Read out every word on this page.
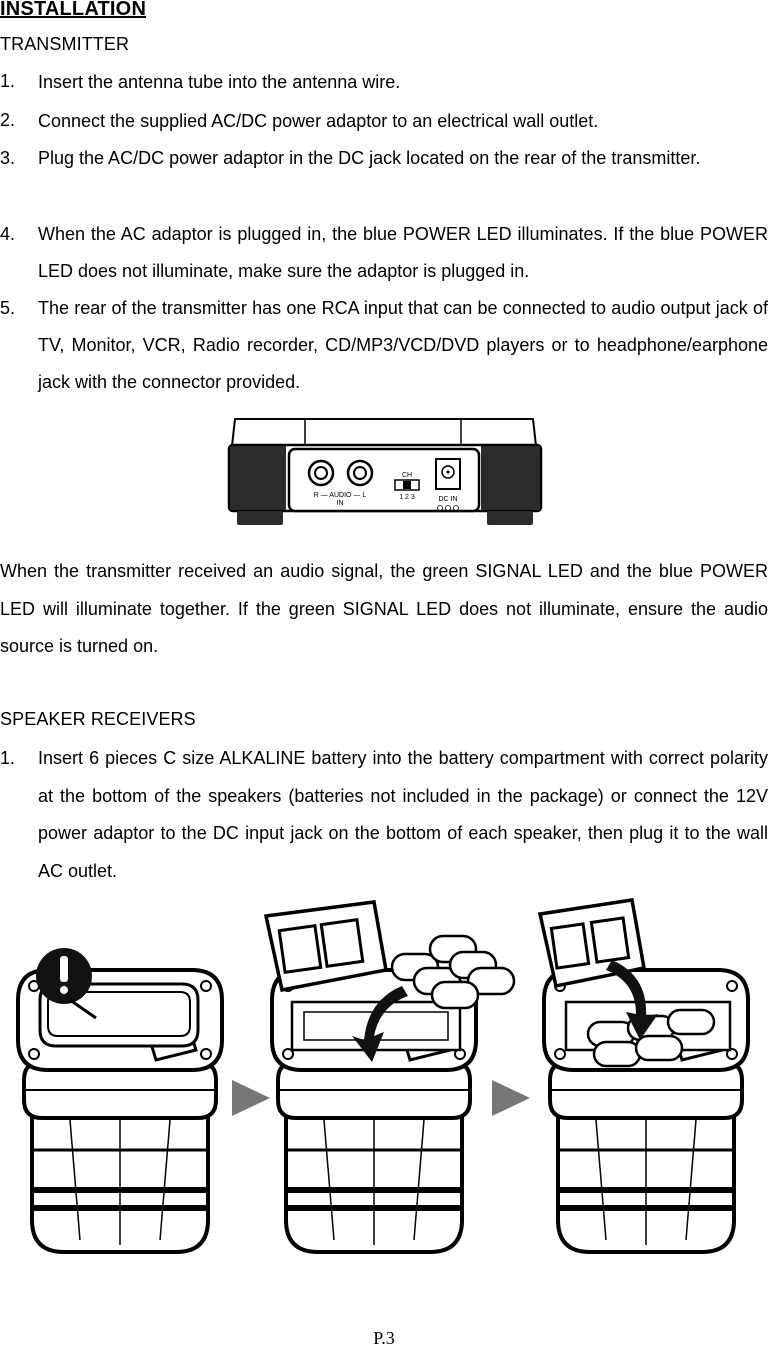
INSTALLATION
TRANSMITTER
1. Insert the antenna tube into the antenna wire.
2. Connect the supplied AC/DC power adaptor to an electrical wall outlet.
3. Plug the AC/DC power adaptor in the DC jack located on the rear of the transmitter.
4. When the AC adaptor is plugged in, the blue POWER LED illuminates. If the blue POWER LED does not illuminate, make sure the adaptor is plugged in.
5. The rear of the transmitter has one RCA input that can be connected to audio output jack of TV, Monitor, VCR, Radio recorder, CD/MP3/VCD/DVD players or to headphone/earphone jack with the connector provided.
R — AUDIO — L
IN
CH
1 2 3	DC IN
When the transmitter received an audio signal, the green SIGNAL LED and the blue POWER LED will illuminate together. If the green SIGNAL LED does not illuminate, ensure the audio source is turned on.
SPEAKER RECEIVERS
1. Insert 6 pieces C size ALKALINE battery into the battery compartment with correct polarity at the bottom of the speakers (batteries not included in the package) or connect the 12V power adaptor to the DC input jack on the bottom of each speaker, then plug it to the wall AC outlet.
P.3
